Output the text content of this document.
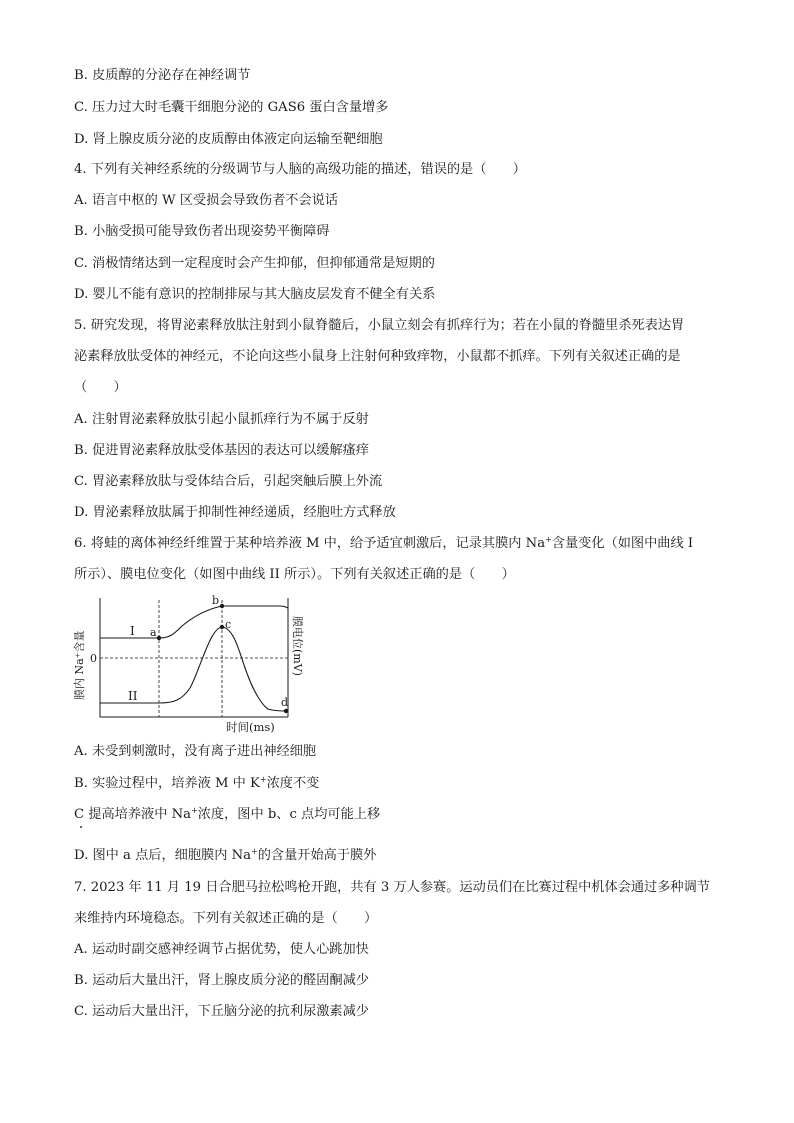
B. 皮质醇的分泌存在神经调节
C. 压力过大时毛囊干细胞分泌的 GAS6 蛋白含量增多
D. 肾上腺皮质分泌的皮质醇由体液定向运输至靶细胞
4. 下列有关神经系统的分级调节与人脑的高级功能的描述，错误的是（　　）
A. 语言中枢的 W 区受损会导致伤者不会说话
B. 小脑受损可能导致伤者出现姿势平衡障碍
C. 消极情绪达到一定程度时会产生抑郁，但抑郁通常是短期的
D. 婴儿不能有意识的控制排尿与其大脑皮层发育不健全有关系
5. 研究发现，将胃泌素释放肽注射到小鼠脊髓后，小鼠立刻会有抓痒行为；若在小鼠的脊髓里杀死表达胃
泌素释放肽受体的神经元，不论向这些小鼠身上注射何种致痒物，小鼠都不抓痒。下列有关叙述正确的是
（　　）
A. 注射胃泌素释放肽引起小鼠抓痒行为不属于反射
B. 促进胃泌素释放肽受体基因的表达可以缓解瘙痒
C. 胃泌素释放肽与受体结合后，引起突触后膜上外流
D. 胃泌素释放肽属于抑制性神经递质，经胞吐方式释放
6. 将蛙的离体神经纤维置于某种培养液 M 中，给予适宜刺激后，记录其膜内 Na+含量变化（如图中曲线 I
所示）、膜电位变化（如图中曲线 II 所示）。下列有关叙述正确的是（　　）
膜内 Na⁺含量	膜电位(mV)
a
b
c
d
I
II
0
时间(ms)
A. 未受到刺激时，没有离子进出神经细胞
B. 实验过程中，培养液 M 中 K+浓度不变
C 提高培养液中 Na+浓度，图中 b、c 点均可能上移
D. 图中 a 点后，细胞膜内 Na+的含量开始高于膜外
7. 2023 年 11 月 19 日合肥马拉松鸣枪开跑，共有 3 万人参赛。运动员们在比赛过程中机体会通过多种调节
来维持内环境稳态。下列有关叙述正确的是（　　）
A. 运动时副交感神经调节占据优势，使人心跳加快
B. 运动后大量出汗，肾上腺皮质分泌的醛固酮减少
C. 运动后大量出汗，下丘脑分泌的抗利尿激素减少
